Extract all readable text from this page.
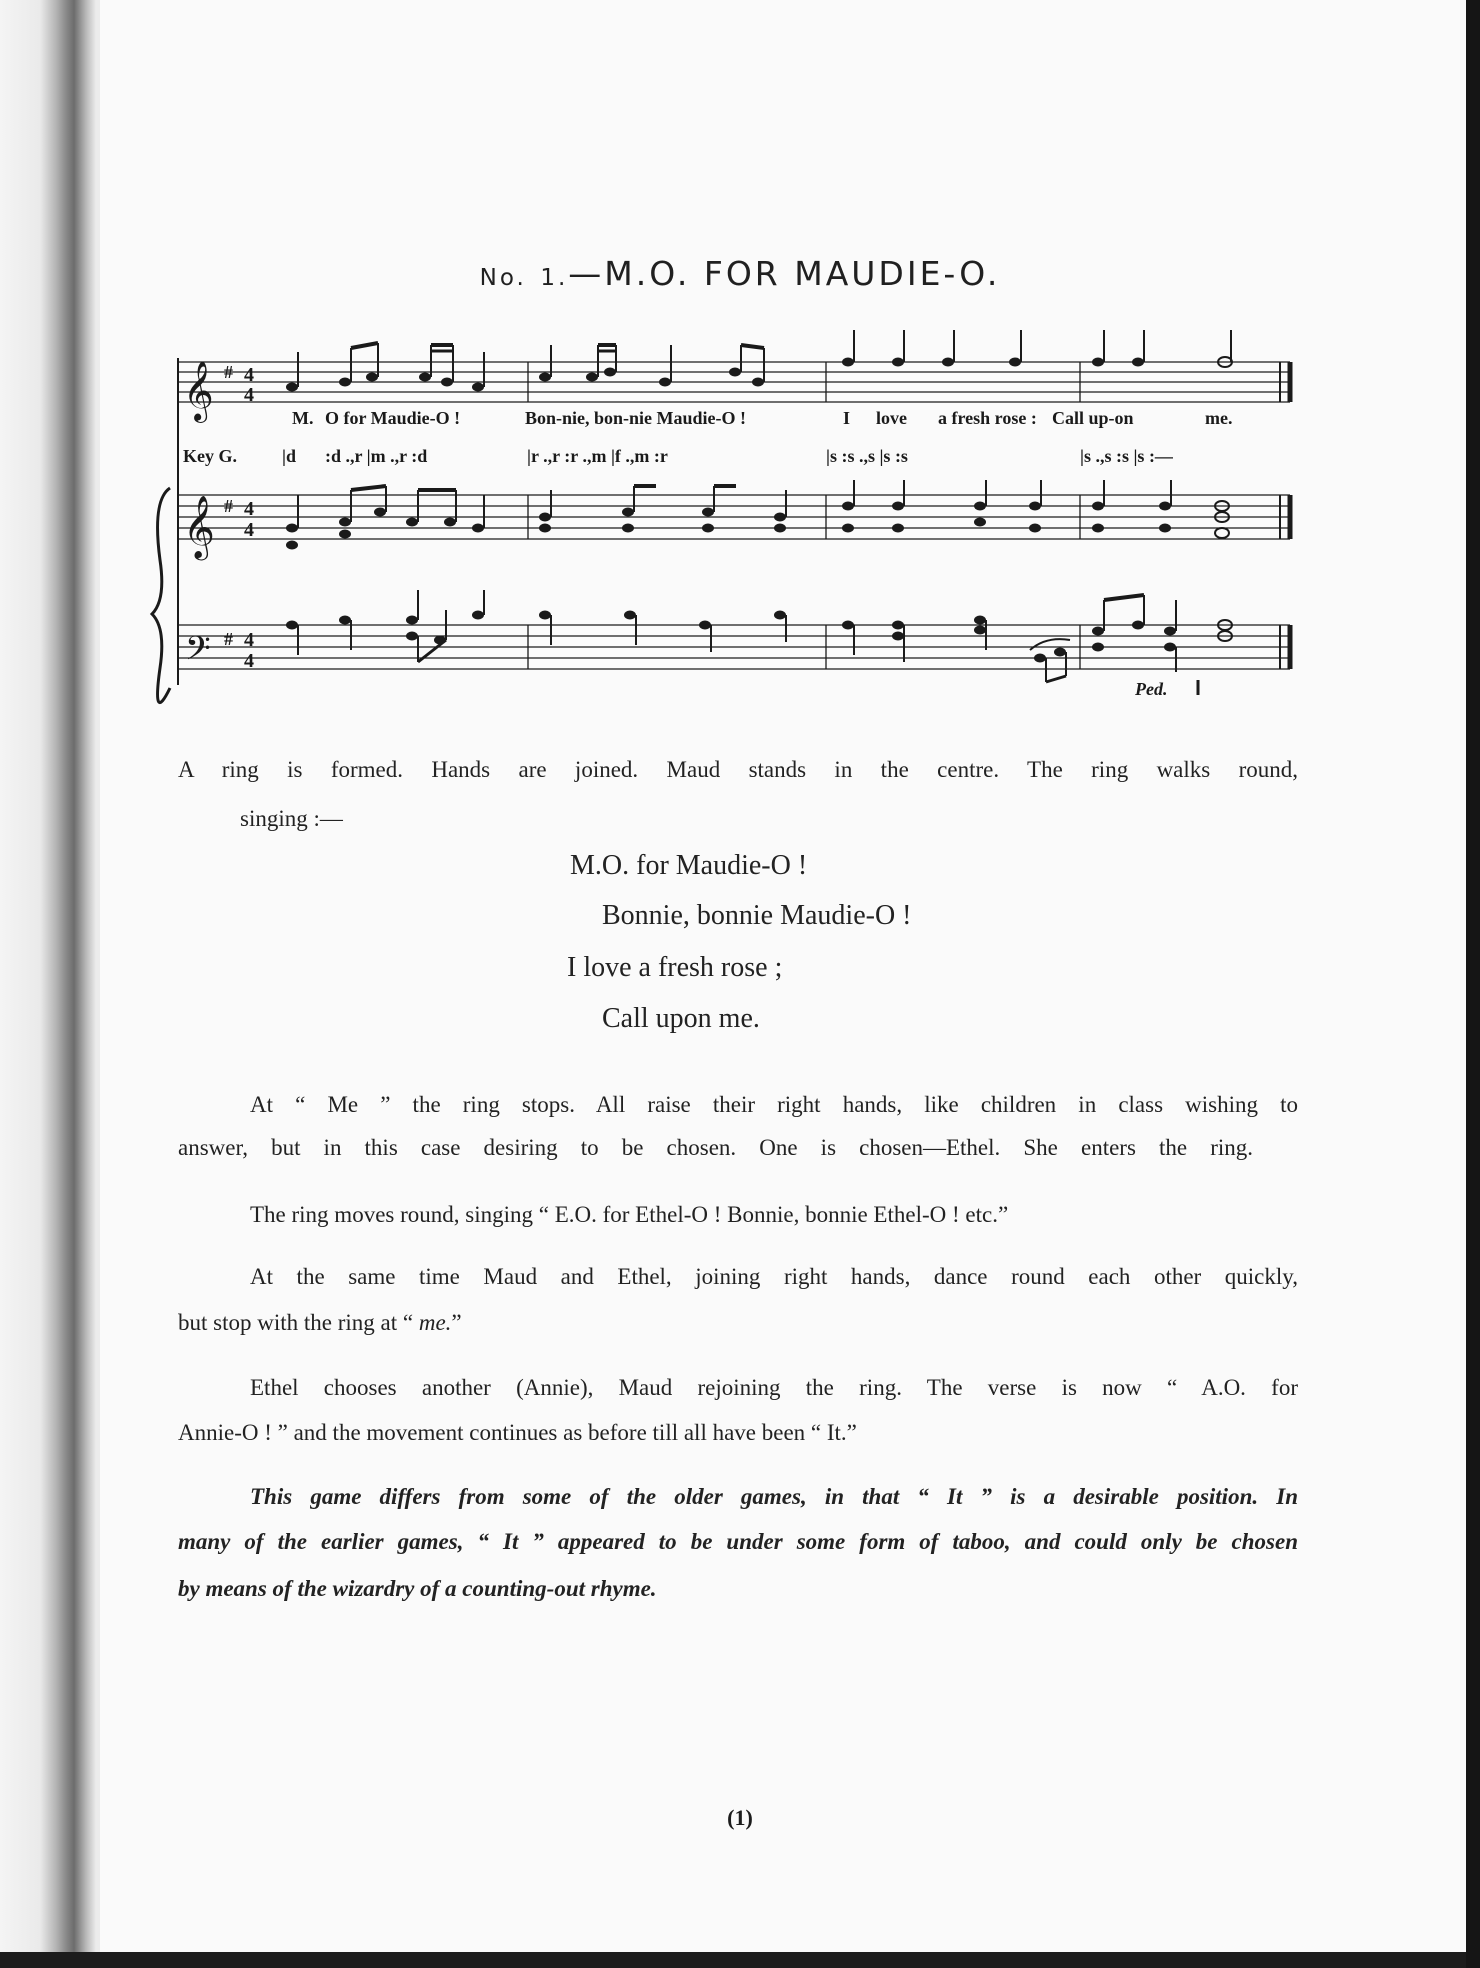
No. 1.—M.O. FOR MAUDIE-O.
𝄞 # 4
4
M. O for Maudie-O !	Bon-nie, bon-nie Maudie-O !	I love a fresh rose : Call up-on	me.
Key G.	|d :d .,r |m .,r :d	|r .,r :r .,m |f .,m :r	|s :s .,s |s :s	|s .,s :s |s :—
𝄞 # 4
4
𝄢 # 4
4
Ped.
A ring is formed. Hands are joined. Maud stands in the centre. The ring walks round,
singing :—
M.O. for Maudie-O !
Bonnie, bonnie Maudie-O !
I love a fresh rose ;
Call upon me.
At “ Me ” the ring stops. All raise their right hands, like children in class wishing to
answer, but in this case desiring to be chosen. One is chosen—Ethel. She enters the ring.
The ring moves round, singing “ E.O. for Ethel-O ! Bonnie, bonnie Ethel-O ! etc.”
At the same time Maud and Ethel, joining right hands, dance round each other quickly,
but stop with the ring at “ me.”
Ethel chooses another (Annie), Maud rejoining the ring. The verse is now “ A.O. for
Annie-O ! ” and the movement continues as before till all have been “ It.”
This game differs from some of the older games, in that “ It ” is a desirable position. In
many of the earlier games, “ It ” appeared to be under some form of taboo, and could only be chosen
by means of the wizardry of a counting-out rhyme.
(1)
